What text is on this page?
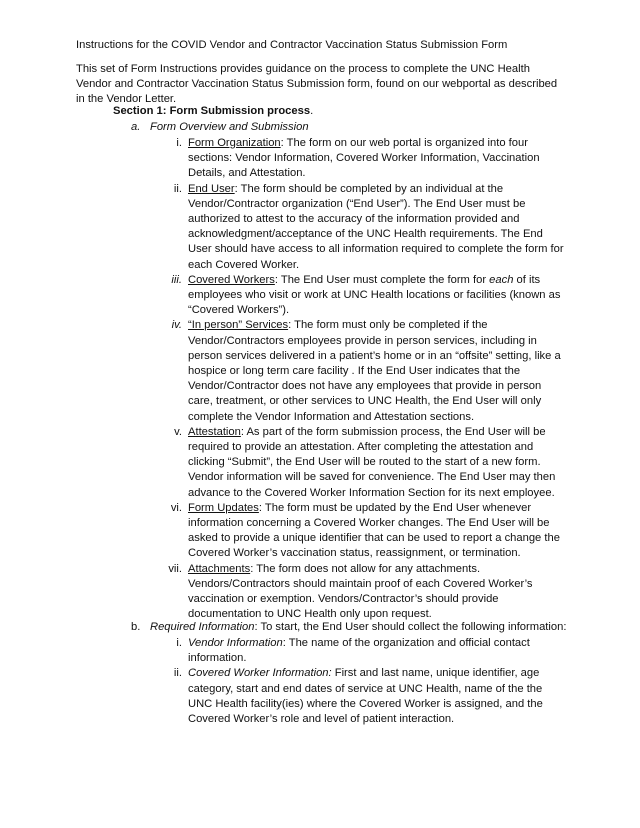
Instructions for the COVID Vendor and Contractor Vaccination Status Submission Form
This set of Form Instructions provides guidance on the process to complete the UNC Health Vendor and Contractor Vaccination Status Submission form, found on our webportal as described in the Vendor Letter.
Section 1: Form Submission process.
a. Form Overview and Submission
i. Form Organization: The form on our web portal is organized into four sections: Vendor Information, Covered Worker Information, Vaccination Details, and Attestation.
ii. End User: The form should be completed by an individual at the Vendor/Contractor organization (“End User”). The End User must be authorized to attest to the accuracy of the information provided and acknowledgment/acceptance of the UNC Health requirements. The End User should have access to all information required to complete the form for each Covered Worker.
iii. Covered Workers: The End User must complete the form for each of its employees who visit or work at UNC Health locations or facilities (known as “Covered Workers”).
iv. “In person” Services: The form must only be completed if the Vendor/Contractors employees provide in person services, including in person services delivered in a patient’s home or in an “offsite” setting, like a hospice or long term care facility . If the End User indicates that the Vendor/Contractor does not have any employees that provide in person care, treatment, or other services to UNC Health, the End User will only complete the Vendor Information and Attestation sections.
v. Attestation: As part of the form submission process, the End User will be required to provide an attestation. After completing the attestation and clicking “Submit”, the End User will be routed to the start of a new form. Vendor information will be saved for convenience. The End User may then advance to the Covered Worker Information Section for its next employee.
vi. Form Updates: The form must be updated by the End User whenever information concerning a Covered Worker changes. The End User will be asked to provide a unique identifier that can be used to report a change the Covered Worker’s vaccination status, reassignment, or termination.
vii. Attachments: The form does not allow for any attachments. Vendors/Contractors should maintain proof of each Covered Worker’s vaccination or exemption. Vendors/Contractor’s should provide documentation to UNC Health only upon request.
b. Required Information: To start, the End User should collect the following information:
i. Vendor Information: The name of the organization and official contact information.
ii. Covered Worker Information: First and last name, unique identifier, age category, start and end dates of service at UNC Health, name of the the UNC Health facility(ies) where the Covered Worker is assigned, and the Covered Worker’s role and level of patient interaction.
